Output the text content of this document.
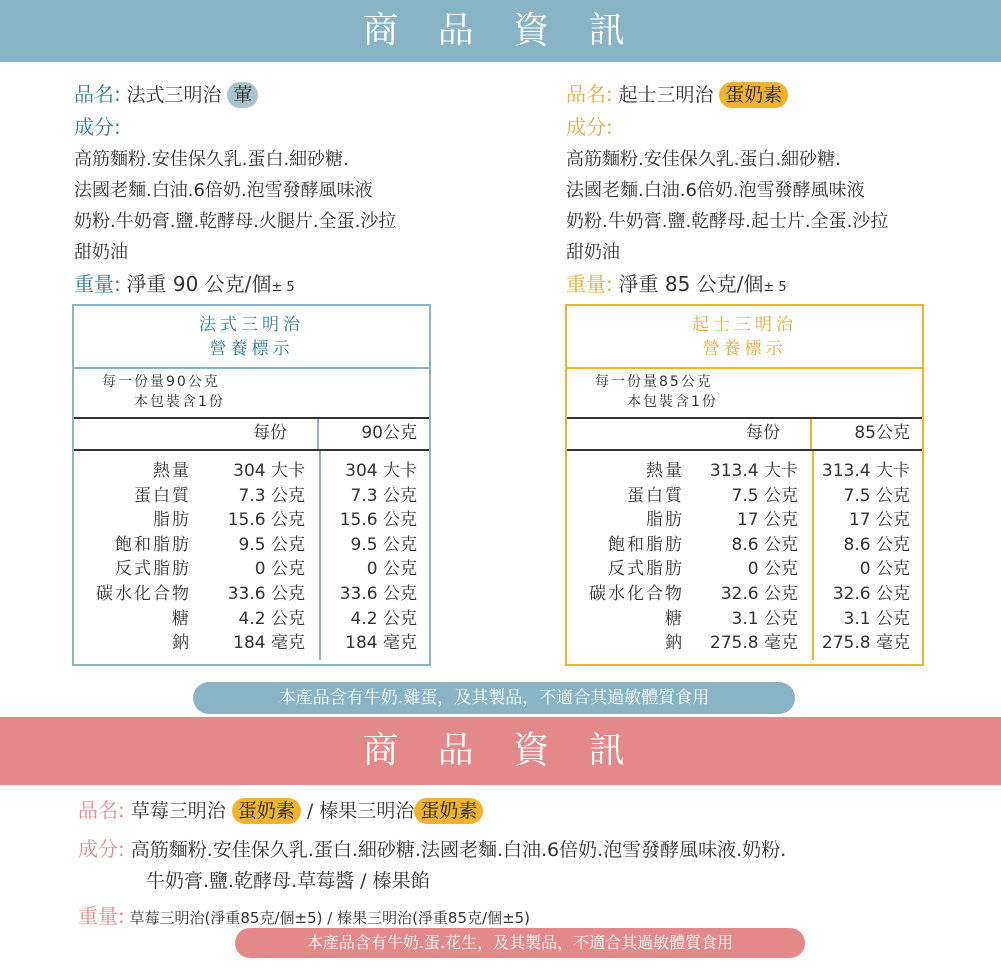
商 品 資 訊
品名: 法式三明治 葷
成分:
高筋麵粉.安佳保久乳.蛋白.細砂糖.
法國老麵.白油.6倍奶.泡雪發酵風味液
奶粉.牛奶膏.鹽.乾酵母.火腿片.全蛋.沙拉
甜奶油
重量: 淨重 90 公克/個± 5
品名: 起士三明治 蛋奶素
成分:
高筋麵粉.安佳保久乳.蛋白.細砂糖.
法國老麵.白油.6倍奶.泡雪發酵風味液
奶粉.牛奶膏.鹽.乾酵母.起士片.全蛋.沙拉
甜奶油
重量: 淨重 85 公克/個± 5
法式三明治
營養標示
每一份量90公克
本包裝含1份
每份	90公克
熱量 304 大卡 304 大卡
蛋白質	7.3 公克	7.3 公克
脂肪 15.6 公克 15.6 公克
飽和脂肪	9.5 公克	9.5 公克
反式脂肪	0 公克	0 公克
碳水化合物 33.6 公克 33.6 公克
糖	4.2 公克	4.2 公克
鈉 184 毫克 184 毫克
起士三明治
營養標示
每一份量85公克
本包裝含1份
每份	85公克
熱量 313.4 大卡 313.4 大卡
蛋白質	7.5 公克	7.5 公克
脂肪	17 公克	17 公克
飽和脂肪	8.6 公克	8.6 公克
反式脂肪	0 公克	0 公克
碳水化合物 32.6 公克 32.6 公克
糖	3.1 公克	3.1 公克
鈉 275.8 毫克 275.8 毫克
本產品含有牛奶.雞蛋，及其製品，不適合其過敏體質食用
商 品 資 訊
品名: 草莓三明治 蛋奶素 / 榛果三明治 蛋奶素
成分: 高筋麵粉.安佳保久乳.蛋白.細砂糖.法國老麵.白油.6倍奶.泡雪發酵風味液.奶粉.
牛奶膏.鹽.乾酵母.草莓醬 / 榛果餡
重量: 草莓三明治(淨重85克/個±5) / 榛果三明治(淨重85克/個±5)
本產品含有牛奶.蛋.花生，及其製品，不適合其過敏體質食用
